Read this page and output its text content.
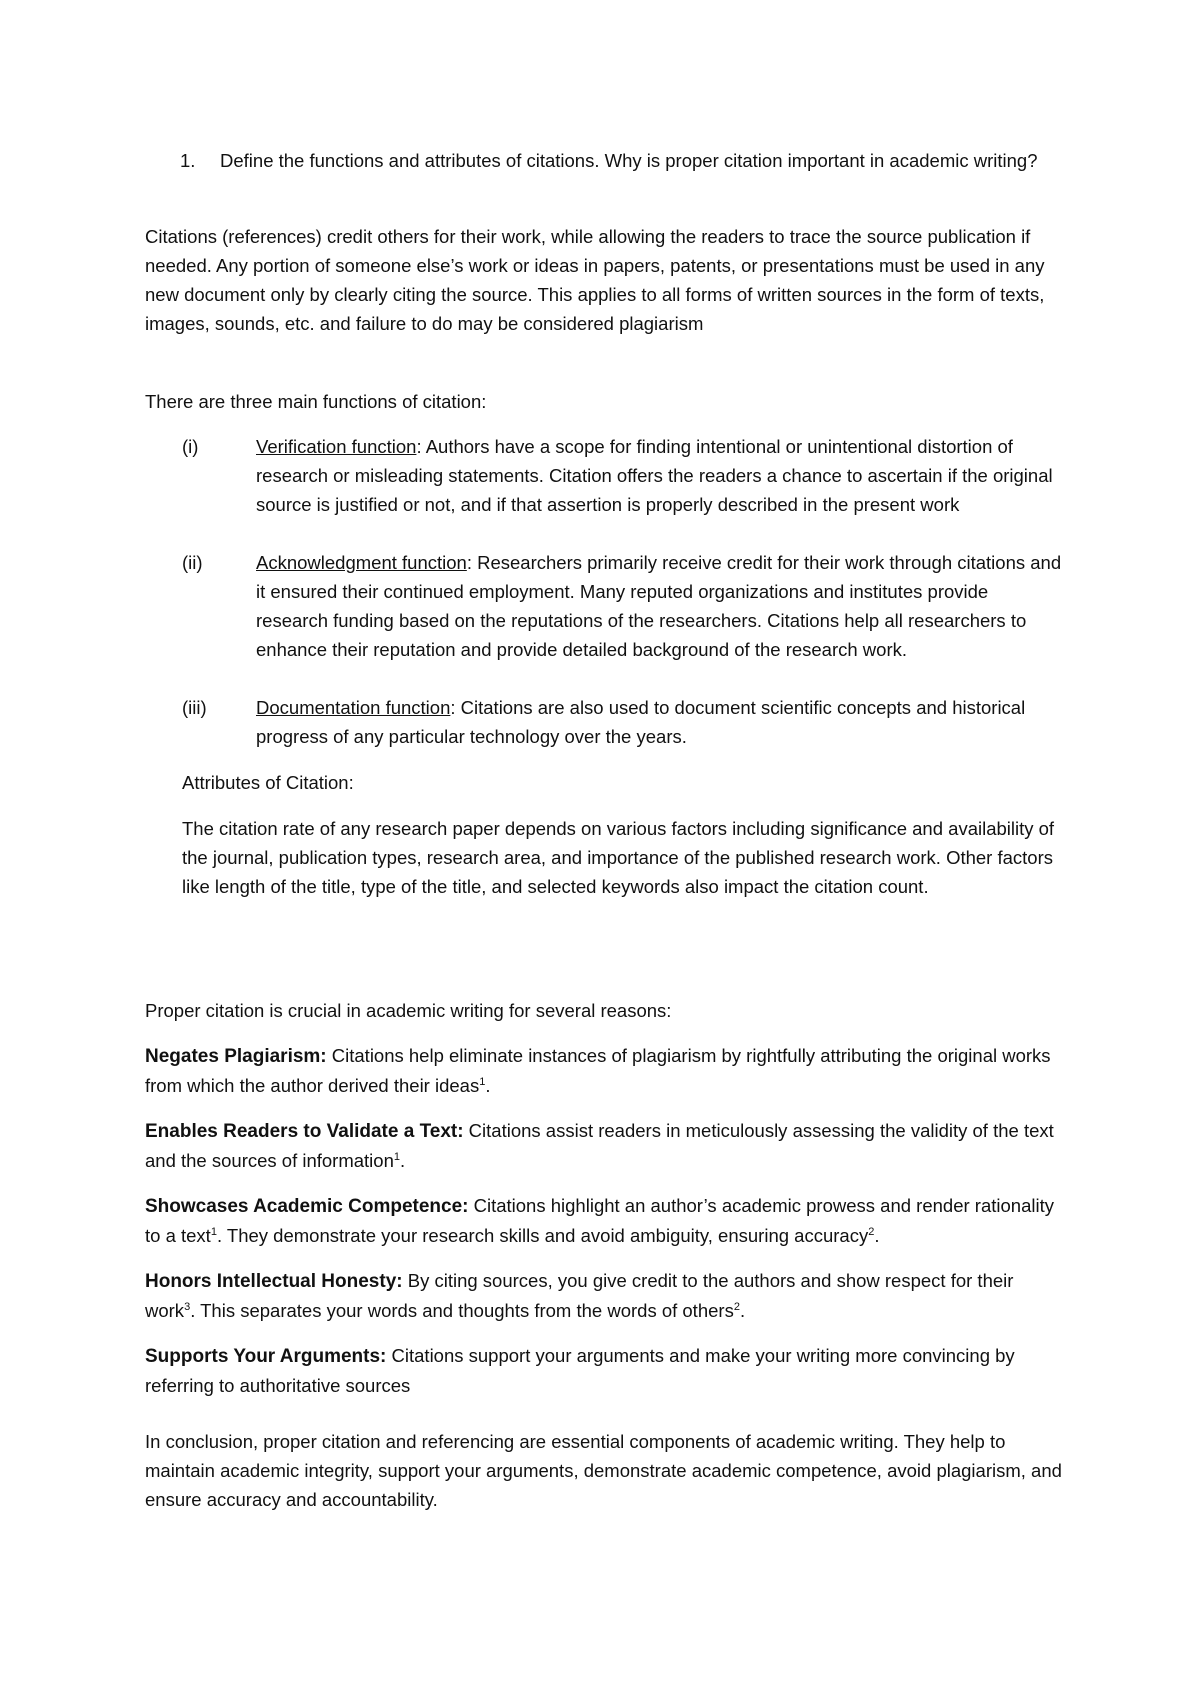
1.	Define the functions and attributes of citations. Why is proper citation important in academic writing?

Citations (references) credit others for their work, while allowing the readers to trace the source publication if needed. Any portion of someone else’s work or ideas in papers, patents, or presentations must be used in any new document only by clearly citing the source. This applies to all forms of written sources in the form of texts, images, sounds, etc. and failure to do may be considered plagiarism

There are three main functions of citation:

(i)	Verification function: Authors have a scope for finding intentional or unintentional distortion of research or misleading statements. Citation offers the readers a chance to ascertain if the original source is justified or not, and if that assertion is properly described in the present work
(ii)	Acknowledgment function: Researchers primarily receive credit for their work through citations and it ensured their continued employment. Many reputed organizations and institutes provide research funding based on the reputations of the researchers. Citations help all researchers to enhance their reputation and provide detailed background of the research work.
(iii)	Documentation function: Citations are also used to document scientific concepts and historical progress of any particular technology over the years.

Attributes of Citation:

The citation rate of any research paper depends on various factors including significance and availability of the journal, publication types, research area, and importance of the published research work. Other factors like length of the title, type of the title, and selected keywords also impact the citation count.

Proper citation is crucial in academic writing for several reasons:

Negates Plagiarism: Citations help eliminate instances of plagiarism by rightfully attributing the original works from which the author derived their ideas$^1$.

Enables Readers to Validate a Text: Citations assist readers in meticulously assessing the validity of the text and the sources of information$^1$.

Showcases Academic Competence: Citations highlight an author’s academic prowess and render rationality to a text$^1$. They demonstrate your research skills and avoid ambiguity, ensuring accuracy$^2$.

Honors Intellectual Honesty: By citing sources, you give credit to the authors and show respect for their work$^3$. This separates your words and thoughts from the words of others$^2$.

Supports Your Arguments: Citations support your arguments and make your writing more convincing by referring to authoritative sources

In conclusion, proper citation and referencing are essential components of academic writing. They help to maintain academic integrity, support your arguments, demonstrate academic competence, avoid plagiarism, and ensure accuracy and accountability.
